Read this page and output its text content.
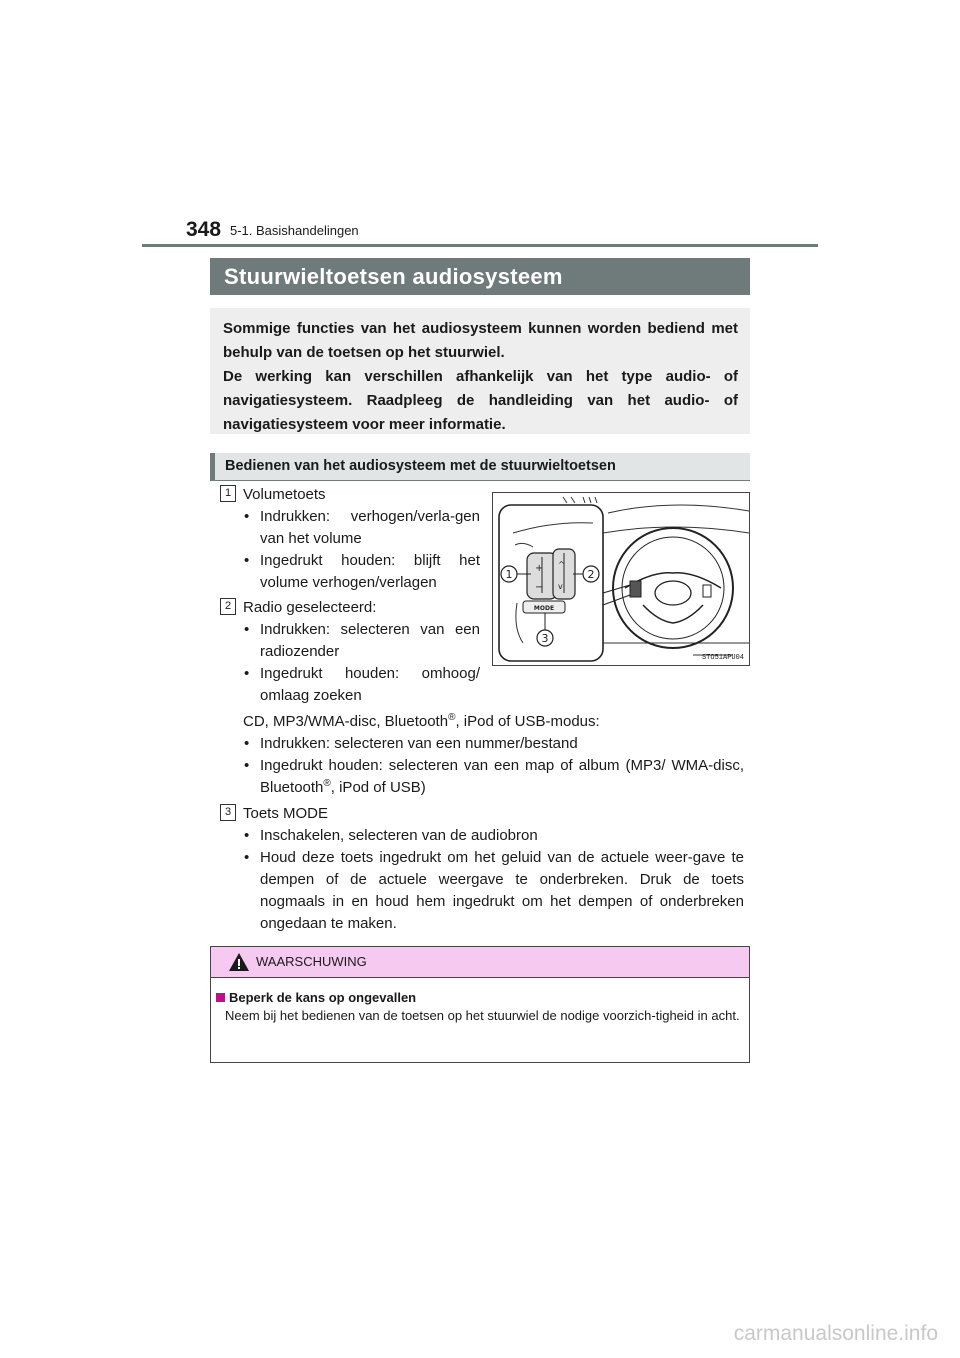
348 5-1. Basishandelingen
Stuurwieltoetsen audiosysteem

Sommige functies van het audiosysteem kunnen worden bediend met behulp van de toetsen op het stuurwiel.

De werking kan verschillen afhankelijk van het type audio- of navigatiesysteem. Raadpleeg de handleiding van het audio- of navigatiesysteem voor meer informatie.

Bedienen van het audiosysteem met de stuurwieltoetsen
1 Volumetoets
• Indrukken: verhogen/verla-gen van het volume
• Ingedrukt houden: blijft het volume verhogen/verlagen
2 Radio geselecteerd:
• Indrukken: selecteren van een radiozender
• Ingedrukt houden: omhoog/ omlaag zoeken
CD, MP3/WMA-disc, Bluetooth®, iPod of USB-modus:
• Indrukken: selecteren van een nummer/bestand
• Ingedrukt houden: selecteren van een map of album (MP3/ WMA-disc, Bluetooth®, iPod of USB)
3 Toets MODE
• Inschakelen, selecteren van de audiobron
• Houd deze toets ingedrukt om het geluid van de actuele weer-gave te dempen of de actuele weergave te onderbreken. Druk de toets nogmaals in en houd hem ingedrukt om het dempen of onderbreken ongedaan te maken.
+
−
^
v
MODE
1	2
3
STO51APU04
WAARSCHUWING
Beperk de kans op ongevallen
Neem bij het bedienen van de toetsen op het stuurwiel de nodige voorzich-tigheid in acht.
carmanualsonline.info
